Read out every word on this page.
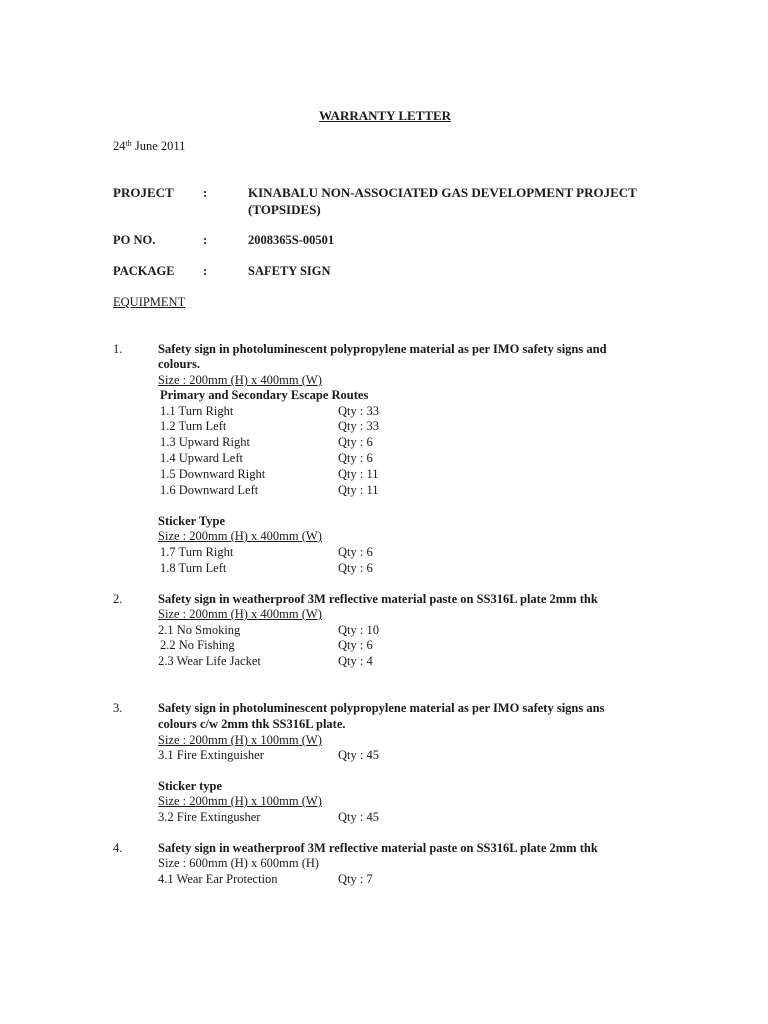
WARRANTY LETTER
24th June 2011
PROJECT :	KINABALU NON-ASSOCIATED GAS DEVELOPMENT PROJECT
(TOPSIDES)
PO NO.	:	2008365S-00501
PACKAGE :	SAFETY SIGN
EQUIPMENT
1.	Safety sign in photoluminescent polypropylene material as per IMO safety signs and
colours.
Size : 200mm (H) x 400mm (W)
Primary and Secondary Escape Routes
1.1 Turn Right	Qty : 33
1.2 Turn Left	Qty : 33
1.3 Upward Right	Qty : 6
1.4 Upward Left	Qty : 6
1.5 Downward Right	Qty : 11
1.6 Downward Left	Qty : 11
Sticker Type
Size : 200mm (H) x 400mm (W)
1.7 Turn Right	Qty : 6
1.8 Turn Left	Qty : 6
2.	Safety sign in weatherproof 3M reflective material paste on SS316L plate 2mm thk
Size : 200mm (H) x 400mm (W)
2.1 No Smoking	Qty : 10
2.2 No Fishing	Qty : 6
2.3 Wear Life Jacket	Qty : 4
3.	Safety sign in photoluminescent polypropylene material as per IMO safety signs ans
colours c/w 2mm thk SS316L plate.
Size : 200mm (H) x 100mm (W)
3.1 Fire Extinguisher	Qty : 45
Sticker type
Size : 200mm (H) x 100mm (W)
3.2 Fire Extingusher	Qty : 45
4.	Safety sign in weatherproof 3M reflective material paste on SS316L plate 2mm thk
Size : 600mm (H) x 600mm (H)
4.1 Wear Ear Protection	Qty : 7
